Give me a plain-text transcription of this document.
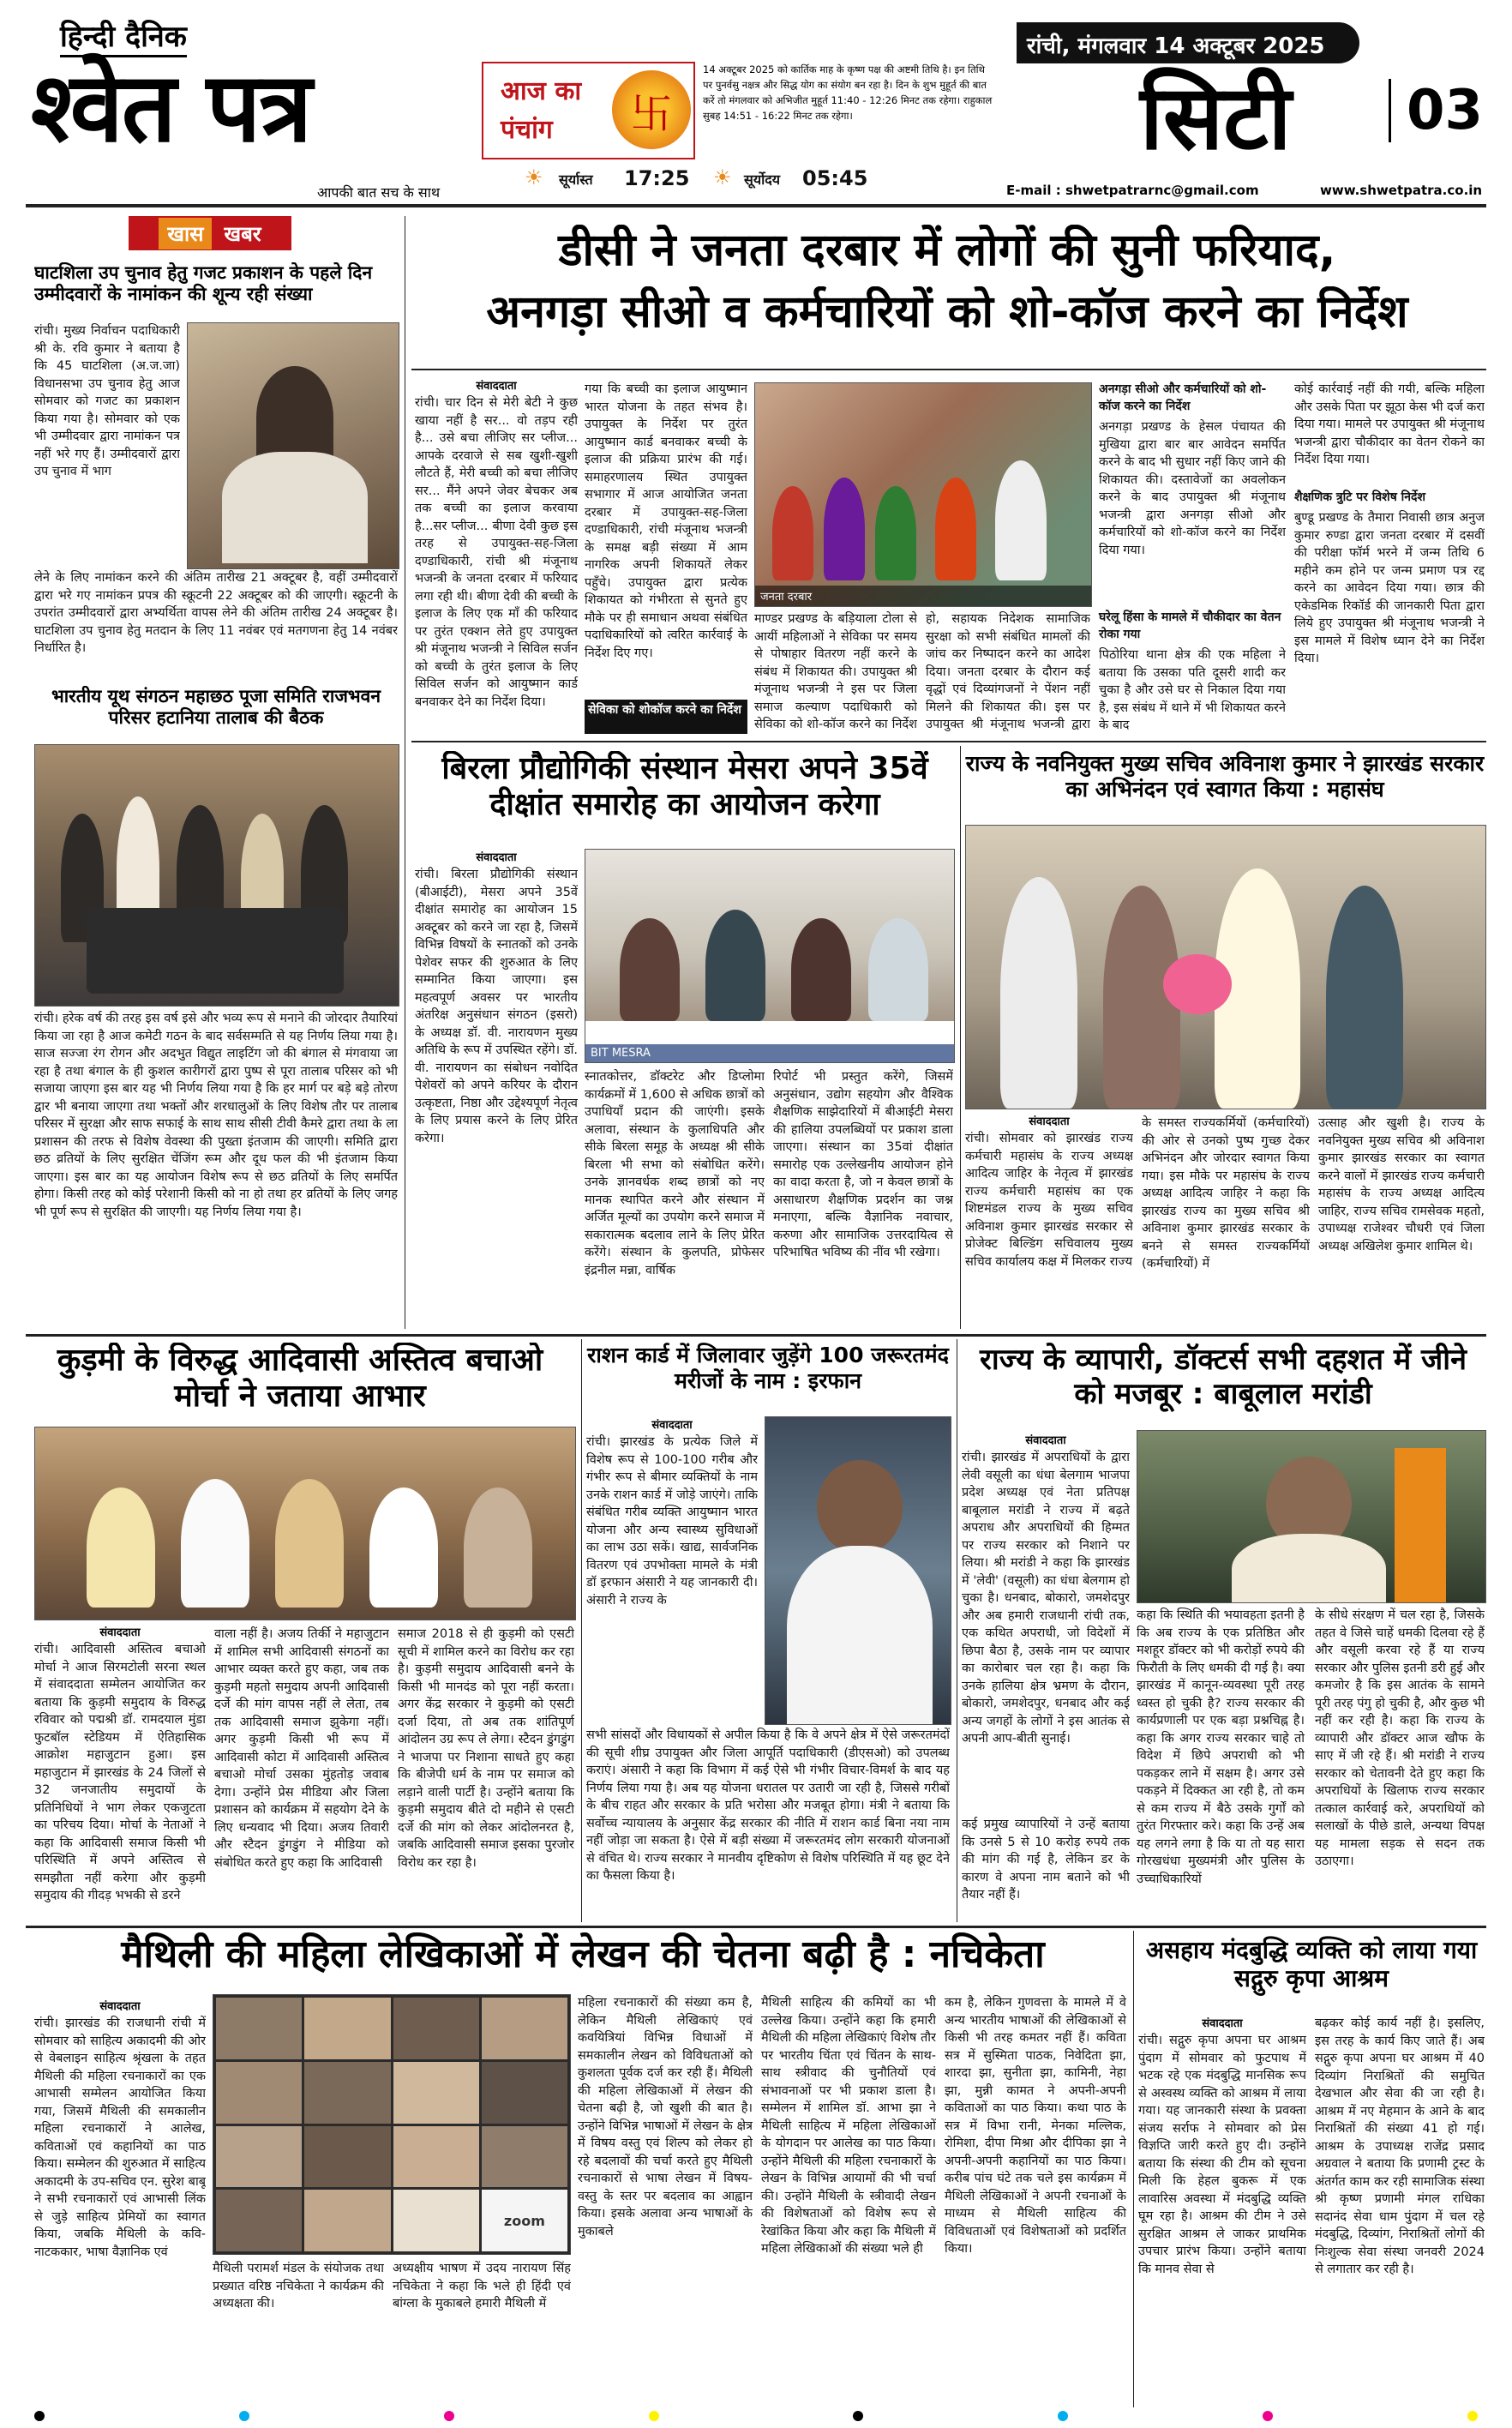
हिन्दी दैनिक
श्वेत पत्र
आपकी बात सच के साथ
आज का
पंचांग	卐
14 अक्टूबर 2025 को कार्तिक माह के कृष्ण पक्ष की अष्टमी तिथि है। इन तिथि पर पुनर्वसु नक्षत्र और सिद्ध योग का संयोग बन रहा है। दिन के शुभ मुहूर्त की बात करें तो मंगलवार को अभिजीत मुहूर्त 11:40 - 12:26 मिनट तक रहेगा। राहुकाल सुबह 14:51 - 16:22 मिनट तक रहेगा।
☀	सूर्यास्त 17:25 ☀ सूर्योदय 05:45
रांची, मंगलवार 14 अक्टूबर 2025
सिटी	03
E-mail : shwetpatrarnc@gmail.com	www.shwetpatra.co.in
खास	खबर
घाटशिला उप चुनाव हेतु गजट प्रकाशन के पहले दिन उम्मीदवारों के नामांकन की शून्य रही संख्या
रांची। मुख्य निर्वाचन पदाधिकारी श्री के. रवि कुमार ने बताया है कि 45 घाटशिला (अ.ज.जा) विधानसभा उप चुनाव हेतु आज सोमवार को गजट का प्रकाशन किया गया है। सोमवार को एक भी उम्मीदवार द्वारा नामांकन पत्र नहीं भरे गए हैं। उम्मीदवारों द्वारा उप चुनाव में भाग
लेने के लिए नामांकन करने की अंतिम तारीख 21 अक्टूबर है, वहीं उम्मीदवारों द्वारा भरे गए नामांकन प्रपत्र की स्क्रूटनी 22 अक्टूबर को की जाएगी। स्क्रूटनी के उपरांत उम्मीदवारों द्वारा अभ्यर्थिता वापस लेने की अंतिम तारीख 24 अक्टूबर है। घाटशिला उप चुनाव हेतु मतदान के लिए 11 नवंबर एवं मतगणना हेतु 14 नवंबर निर्धारित है।
भारतीय यूथ संगठन महाछठ पूजा समिति राजभवन परिसर हटानिया तालाब की बैठक
रांची। हरेक वर्ष की तरह इस वर्ष इसे और भव्य रूप से मनाने की जोरदार तैयारियां किया जा रहा है आज कमेटी गठन के बाद सर्वसम्मति से यह निर्णय लिया गया है। साज सज्जा रंग रोगन और अदभुत विद्युत लाइटिंग जो की बंगाल से मंगवाया जा रहा है तथा बंगाल के ही कुशल कारीगरों द्वारा पुष्प से पूरा तालाब परिसर को भी सजाया जाएगा इस बार यह भी निर्णय लिया गया है कि हर मार्ग पर बड़े बड़े तोरण द्वार भी बनाया जाएगा तथा भक्तों और शरधालुओं के लिए विशेष तौर पर तालाब परिसर में सुरक्षा और साफ सफाई के साथ साथ सीसी टीवी कैमरे द्वारा तथा के ला प्रशासन की तरफ से विशेष वेवस्था की पुख्ता इंतजाम की जाएगी। समिति द्वारा छठ व्रतियों के लिए सुरक्षित चेंजिंग रूम और दूध फल की भी इंतजाम किया जाएगा। इस बार का यह आयोजन विशेष रूप से छठ व्रतियों के लिए समर्पित होगा। किसी तरह को कोई परेशानी किसी को ना हो तथा हर व्रतियों के लिए जगह भी पूर्ण रूप से सुरक्षित की जाएगी। यह निर्णय लिया गया है।
डीसी ने जनता दरबार में लोगों की सुनी फरियाद,
अनगड़ा सीओ व कर्मचारियों को शो-कॉज करने का निर्देश
संवाददाता
रांची। चार दिन से मेरी बेटी ने कुछ खाया नहीं है सर... वो तड़प रही है... उसे बचा लीजिए सर प्लीज... आपके दरवाजे से सब खुशी-खुशी लौटते हैं, मेरी बच्ची को बचा लीजिए सर... मैंने अपने जेवर बेचकर अब तक बच्ची का इलाज करवाया है...सर प्लीज... बीणा देवी कुछ इस तरह से उपायुक्त-सह-जिला दण्डाधिकारी, रांची श्री मंजूनाथ भजन्त्री के जनता दरबार में फरियाद लगा रही थी। बीणा देवी की बच्ची के इलाज के लिए एक माँ की फरियाद पर तुरंत एक्शन लेते हुए उपायुक्त श्री मंजूनाथ भजन्त्री ने सिविल सर्जन को बच्ची के तुरंत इलाज के लिए सिविल सर्जन को आयुष्मान कार्ड बनवाकर देने का निर्देश दिया।
गया कि बच्ची का इलाज आयुष्मान भारत योजना के तहत संभव है। उपायुक्त के निर्देश पर तुरंत आयुष्मान कार्ड बनवाकर बच्ची के इलाज की प्रक्रिया प्रारंभ की गई। समाहरणालय स्थित उपायुक्त सभागार में आज आयोजित जनता दरबार में उपायुक्त-सह-जिला दण्डाधिकारी, रांची मंजूनाथ भजन्त्री के समक्ष बड़ी संख्या में आम नागरिक अपनी शिकायतें लेकर पहुँचे। उपायुक्त द्वारा प्रत्येक शिकायत को गंभीरता से सुनते हुए मौके पर ही समाधान अथवा संबंधित पदाधिकारियों को त्वरित कार्रवाई के निर्देश दिए गए।
सेविका को शोकॉज करने का निर्देश
जनता दरबार
माण्डर प्रखण्ड के बड़ियाला टोला से आयीं महिलाओं ने सेविका पर समय से पोषाहार वितरण नहीं करने के संबंध में शिकायत की। उपायुक्त श्री मंजूनाथ भजन्त्री ने इस पर जिला समाज कल्याण पदाधिकारी को सेविका को शो-कॉज करने का निर्देश
हो, सहायक निदेशक सामाजिक सुरक्षा को सभी संबंधित मामलों की जांच कर निष्पादन करने का आदेश दिया। जनता दरबार के दौरान कई वृद्धों एवं दिव्यांगजनों ने पेंशन नहीं मिलने की शिकायत की। इस पर उपायुक्त श्री मंजूनाथ भजन्त्री द्वारा
अनगड़ा सीओ और कर्मचारियों को शो-कॉज करने का निर्देश
अनगड़ा प्रखण्ड के हेसल पंचायत की मुखिया द्वारा बार बार आवेदन समर्पित करने के बाद भी सुधार नहीं किए जाने की शिकायत की। दस्तावेजों का अवलोकन करने के बाद उपायुक्त श्री मंजूनाथ भजन्त्री द्वारा अनगड़ा सीओ और कर्मचारियों को शो-कॉज करने का निर्देश दिया गया।
घरेलू हिंसा के मामले में चौकीदार का वेतन रोका गया
पिठोरिया थाना क्षेत्र की एक महिला ने बताया कि उसका पति दूसरी शादी कर चुका है और उसे घर से निकाल दिया गया है, इस संबंध में थाने में भी शिकायत करने के बाद
कोई कार्रवाई नहीं की गयी, बल्कि महिला और उसके पिता पर झूठा केस भी दर्ज करा दिया गया। मामले पर उपायुक्त श्री मंजूनाथ भजन्त्री द्वारा चौकीदार का वेतन रोकने का निर्देश दिया गया।
शैक्षणिक त्रुटि पर विशेष निर्देश
बुण्डू प्रखण्ड के तैमारा निवासी छात्र अनुज कुमार रुण्डा द्वारा जनता दरबार में दसवीं की परीक्षा फॉर्म भरने में जन्म तिथि 6 महीने कम होने पर जन्म प्रमाण पत्र रद्द करने का आवेदन दिया गया। छात्र की एकेडमिक रिकॉर्ड की जानकारी पिता द्वारा लिये हुए उपायुक्त श्री मंजूनाथ भजन्त्री ने इस मामले में विशेष ध्यान देने का निर्देश दिया।
बिरला प्रौद्योगिकी संस्थान मेसरा अपने 35वें दीक्षांत समारोह का आयोजन करेगा
संवाददाता
रांची। बिरला प्रौद्योगिकी संस्थान (बीआईटी), मेसरा अपने 35वें दीक्षांत समारोह का आयोजन 15 अक्टूबर को करने जा रहा है, जिसमें विभिन्न विषयों के स्नातकों को उनके पेशेवर सफर की शुरुआत के लिए सम्मानित किया जाएगा। इस महत्वपूर्ण अवसर पर भारतीय अंतरिक्ष अनुसंधान संगठन (इसरो) के अध्यक्ष डॉ. वी. नारायणन मुख्य अतिथि के रूप में उपस्थित रहेंगे। डॉ. वी. नारायणन का संबोधन नवोदित पेशेवरों को अपने करियर के दौरान उत्कृष्टता, निष्ठा और उद्देश्यपूर्ण नेतृत्व के लिए प्रयास करने के लिए प्रेरित करेगा।
BIT MESRA
स्नातकोत्तर, डॉक्टरेट और डिप्लोमा कार्यक्रमों में 1,600 से अधिक छात्रों को उपाधियाँ प्रदान की जाएंगी। इसके अलावा, संस्थान के कुलाधिपति और सीके बिरला समूह के अध्यक्ष श्री सीके बिरला भी सभा को संबोधित करेंगे। उनके ज्ञानवर्धक शब्द छात्रों को नए मानक स्थापित करने और संस्थान में अर्जित मूल्यों का उपयोग करने समाज में सकारात्मक बदलाव लाने के लिए प्रेरित करेंगे। संस्थान के कुलपति, प्रोफेसर इंद्रनील मन्ना, वार्षिक
रिपोर्ट भी प्रस्तुत करेंगे, जिसमें अनुसंधान, उद्योग सहयोग और वैश्विक शैक्षणिक साझेदारियों में बीआईटी मेसरा की हालिया उपलब्धियों पर प्रकाश डाला जाएगा। संस्थान का 35वां दीक्षांत समारोह एक उल्लेखनीय आयोजन होने का वादा करता है, जो न केवल छात्रों के असाधारण शैक्षणिक प्रदर्शन का जश्न मनाएगा, बल्कि वैज्ञानिक नवाचार, करुणा और सामाजिक उत्तरदायित्व से परिभाषित भविष्य की नींव भी रखेगा।
राज्य के नवनियुक्त मुख्य सचिव अविनाश कुमार ने झारखंड सरकार का अभिनंदन एवं स्वागत किया : महासंघ
संवाददाता
रांची। सोमवार को झारखंड राज्य कर्मचारी महासंघ के राज्य अध्यक्ष आदित्य जाहिर के नेतृत्व में झारखंड राज्य कर्मचारी महासंघ का एक शिष्टमंडल राज्य के मुख्य सचिव अविनाश कुमार झारखंड सरकार से प्रोजेक्ट बिल्डिंग सचिवालय मुख्य सचिव कार्यालय कक्ष में मिलकर राज्य
के समस्त राज्यकर्मियों (कर्मचारियों) की ओर से उनको पुष्प गुच्छ देकर अभिनंदन और जोरदार स्वागत किया गया। इस मौके पर महासंघ के राज्य अध्यक्ष आदित्य जाहिर ने कहा कि झारखंड राज्य का मुख्य सचिव श्री अविनाश कुमार झारखंड सरकार के बनने से समस्त राज्यकर्मियों (कर्मचारियों) में
उत्साह और खुशी है। राज्य के नवनियुक्त मुख्य सचिव श्री अविनाश कुमार झारखंड सरकार का स्वागत करने वालों में झारखंड राज्य कर्मचारी महासंघ के राज्य अध्यक्ष आदित्य जाहिर, राज्य सचिव रामसेवक महतो, उपाध्यक्ष राजेश्वर चौधरी एवं जिला अध्यक्ष अखिलेश कुमार शामिल थे।
कुड़मी के विरुद्ध आदिवासी अस्तित्व बचाओ मोर्चा ने जताया आभार
संवाददाता
रांची। आदिवासी अस्तित्व बचाओ मोर्चा ने आज सिरमटोली सरना स्थल में संवाददाता सम्मेलन आयोजित कर बताया कि कुड़मी समुदाय के विरुद्ध रविवार को पद्मश्री डॉ. रामदयाल मुंडा फुटबॉल स्टेडियम में ऐतिहासिक आक्रोश महाजुटान हुआ। इस महाजुटान में झारखंड के 24 जिलों से 32 जनजातीय समुदायों के प्रतिनिधियों ने भाग लेकर एकजुटता का परिचय दिया। मोर्चा के नेताओं ने कहा कि आदिवासी समाज किसी भी परिस्थिति में अपने अस्तित्व से समझौता नहीं करेगा और कुड़मी समुदाय की गीदड़ भभकी से डरने
वाला नहीं है। अजय तिर्की ने महाजुटान में शामिल सभी आदिवासी संगठनों का आभार व्यक्त करते हुए कहा, जब तक कुड़मी महतो समुदाय अपनी आदिवासी दर्जे की मांग वापस नहीं ले लेता, तब तक आदिवासी समाज झुकेगा नहीं। अगर कुड़मी किसी भी रूप में आदिवासी कोटा में आदिवासी अस्तित्व बचाओ मोर्चा उसका मुंहतोड़ जवाब देगा। उन्होंने प्रेस मीडिया और जिला प्रशासन को कार्यक्रम में सहयोग देने के लिए धन्यवाद भी दिया। अजय तिवारी और स्टैदन डुंगडुंग ने मीडिया को संबोधित करते हुए कहा कि आदिवासी
समाज 2018 से ही कुड़मी को एसटी सूची में शामिल करने का विरोध कर रहा है। कुड़मी समुदाय आदिवासी बनने के किसी भी मानदंड को पूरा नहीं करता। अगर केंद्र सरकार ने कुड़मी को एसटी दर्जा दिया, तो अब तक शांतिपूर्ण आंदोलन उग्र रूप ले लेगा। स्टैदन डुंगडुंग ने भाजपा पर निशाना साधते हुए कहा कि बीजेपी धर्म के नाम पर समाज को लड़ाने वाली पार्टी है। उन्होंने बताया कि कुड़मी समुदाय बीते दो महीने से एसटी दर्जे की मांग को लेकर आंदोलनरत है, जबकि आदिवासी समाज इसका पुरजोर विरोध कर रहा है।
राशन कार्ड में जिलावार जुड़ेंगे 100 जरूरतमंद मरीजों के नाम : इरफान
संवाददाता
रांची। झारखंड के प्रत्येक जिले में विशेष रूप से 100-100 गरीब और गंभीर रूप से बीमार व्यक्तियों के नाम उनके राशन कार्ड में जोड़े जाएंगे। ताकि संबंधित गरीब व्यक्ति आयुष्मान भारत योजना और अन्य स्वास्थ्य सुविधाओं का लाभ उठा सकें। खाद्य, सार्वजनिक वितरण एवं उपभोक्ता मामले के मंत्री डॉ इरफान अंसारी ने यह जानकारी दी। अंसारी ने राज्य के
सभी सांसदों और विधायकों से अपील किया है कि वे अपने क्षेत्र में ऐसे जरूरतमंदों की सूची शीघ्र उपायुक्त और जिला आपूर्ति पदाधिकारी (डीएसओ) को उपलब्ध कराएं। अंसारी ने कहा कि विभाग में कई ऐसे भी गंभीर विचार-विमर्श के बाद यह निर्णय लिया गया है। अब यह योजना धरातल पर उतारी जा रही है, जिससे गरीबों के बीच राहत और सरकार के प्रति भरोसा और मजबूत होगा। मंत्री ने बताया कि सर्वोच्च न्यायालय के अनुसार केंद्र सरकार की नीति में राशन कार्ड बिना नया नाम नहीं जोड़ा जा सकता है। ऐसे में बड़ी संख्या में जरूरतमंद लोग सरकारी योजनाओं से वंचित थे। राज्य सरकार ने मानवीय दृष्टिकोण से विशेष परिस्थिति में यह छूट देने का फैसला किया है।
राज्य के व्यापारी, डॉक्टर्स सभी दहशत में जीने को मजबूर : बाबूलाल मरांडी
संवाददाता
रांची। झारखंड में अपराधियों के द्वारा लेवी वसूली का धंधा बेलगाम भाजपा प्रदेश अध्यक्ष एवं नेता प्रतिपक्ष बाबूलाल मरांडी ने राज्य में बढ़ते अपराध और अपराधियों की हिम्मत पर राज्य सरकार को निशाने पर लिया। श्री मरांडी ने कहा कि झारखंड में 'लेवी' (वसूली) का धंधा बेलगाम हो चुका है। धनबाद, बोकारो, जमशेदपुर और अब हमारी राजधानी रांची तक, एक कथित अपराधी, जो विदेशों में छिपा बैठा है, उसके नाम पर व्यापार का कारोबार चल रहा है। कहा कि उनके हालिया क्षेत्र भ्रमण के दौरान, बोकारो, जमशेदपुर, धनबाद और कई अन्य जगहों के लोगों ने इस आतंक से अपनी आप-बीती सुनाई।
कई प्रमुख व्यापारियों ने उन्हें बताया कि उनसे 5 से 10 करोड़ रुपये तक की मांग की गई है, लेकिन डर के कारण वे अपना नाम बताने को भी तैयार नहीं हैं।
कहा कि स्थिति की भयावहता इतनी है कि अब राज्य के एक प्रतिष्ठित और मशहूर डॉक्टर को भी करोड़ों रुपये की फिरौती के लिए धमकी दी गई है। क्या झारखंड में कानून-व्यवस्था पूरी तरह ध्वस्त हो चुकी है? राज्य सरकार की कार्यप्रणाली पर एक बड़ा प्रश्नचिह्न है। कहा कि अगर राज्य सरकार चाहे तो विदेश में छिपे अपराधी को भी पकड़कर लाने में सक्षम है। अगर उसे पकड़ने में दिक्कत आ रही है, तो कम से कम राज्य में बैठे उसके गुर्गों को तुरंत गिरफ्तार करे। कहा कि उन्हें अब यह लगने लगा है कि या तो यह सारा गोरखधंधा मुख्यमंत्री और पुलिस के उच्चाधिकारियों
के सीधे संरक्षण में चल रहा है, जिसके तहत वे जिसे चाहें धमकी दिलवा रहे हैं और वसूली करवा रहे हैं या राज्य सरकार और पुलिस इतनी डरी हुई और कमजोर है कि इस आतंक के सामने पूरी तरह पंगु हो चुकी है, और कुछ भी नहीं कर रही है। कहा कि राज्य के व्यापारी और डॉक्टर आज खौफ के साए में जी रहे हैं। श्री मरांडी ने राज्य सरकार को चेतावनी देते हुए कहा कि अपराधियों के खिलाफ राज्य सरकार तत्काल कार्रवाई करे, अपराधियों को सलाखों के पीछे डाले, अन्यथा विपक्ष यह मामला सड़क से सदन तक उठाएगा।
मैथिली की महिला लेखिकाओं में लेखन की चेतना बढ़ी है : नचिकेता
संवाददाता
रांची। झारखंड की राजधानी रांची में सोमवार को साहित्य अकादमी की ओर से वेबलाइन साहित्य श्रृंखला के तहत मैथिली की महिला रचनाकारों का एक आभासी सम्मेलन आयोजित किया गया, जिसमें मैथिली की समकालीन महिला रचनाकारों ने आलेख, कविताओं एवं कहानियों का पाठ किया। सम्मेलन की शुरुआत में साहित्य अकादमी के उप-सचिव एन. सुरेश बाबू ने सभी रचनाकारों एवं आभासी लिंक से जुड़े साहित्य प्रेमियों का स्वागत किया, जबकि मैथिली के कवि-नाटककार, भाषा वैज्ञानिक एवं
zoom
मैथिली परामर्श मंडल के संयोजक तथा प्रख्यात वरिष्ठ नचिकेता ने कार्यक्रम की अध्यक्षता की।
अध्यक्षीय भाषण में उदय नारायण सिंह नचिकेता ने कहा कि भले ही हिंदी एवं बांग्ला के मुकाबले हमारी मैथिली में
महिला रचनाकारों की संख्या कम है, लेकिन मैथिली लेखिकाएं एवं कवयित्रियां विभिन्न विधाओं में समकालीन लेखन को विविधताओं को कुशलता पूर्वक दर्ज कर रही हैं। मैथिली की महिला लेखिकाओं में लेखन की चेतना बढ़ी है, जो खुशी की बात है। उन्होंने विभिन्न भाषाओं में लेखन के क्षेत्र में विषय वस्तु एवं शिल्प को लेकर हो रहे बदलावों की चर्चा करते हुए मैथिली रचनाकारों से भाषा लेखन में विषय-वस्तु के स्तर पर बदलाव का आह्वान किया। इसके अलावा अन्य भाषाओं के मुकाबले
मैथिली साहित्य की कमियों का भी उल्लेख किया। उन्होंने कहा कि हमारी मैथिली की महिला लेखिकाएं विशेष तौर पर भारतीय चिंता एवं चिंतन के साथ-साथ स्त्रीवाद की चुनौतियों एवं संभावनाओं पर भी प्रकाश डाला है। सम्मेलन में शामिल डॉ. आभा झा ने मैथिली साहित्य में महिला लेखिकाओं के योगदान पर आलेख का पाठ किया। उन्होंने मैथिली की महिला रचनाकारों के लेखन के विभिन्न आयामों की भी चर्चा की। उन्होंने मैथिली के स्त्रीवादी लेखन की विशेषताओं को विशेष रूप से रेखांकित किया और कहा कि मैथिली में महिला लेखिकाओं की संख्या भले ही
कम है, लेकिन गुणवत्ता के मामले में वे अन्य भारतीय भाषाओं की लेखिकाओं से किसी भी तरह कमतर नहीं हैं। कविता सत्र में सुस्मिता पाठक, निवेदिता झा, शारदा झा, सुनीता झा, कामिनी, नेहा झा, मुन्नी कामत ने अपनी-अपनी कविताओं का पाठ किया। कथा पाठ के सत्र में विभा रानी, मेनका मल्लिक, रोमिशा, दीपा मिश्रा और दीपिका झा ने अपनी-अपनी कहानियों का पाठ किया। करीब पांच घंटे तक चले इस कार्यक्रम में मैथिली लेखिकाओं ने अपनी रचनाओं के माध्यम से मैथिली साहित्य की विविधताओं एवं विशेषताओं को प्रदर्शित किया।
असहाय मंदबुद्धि व्यक्ति को लाया गया सद्गुरु कृपा आश्रम
संवाददाता
रांची। सद्गुरु कृपा अपना घर आश्रम पुंदाग में सोमवार को फुटपाथ में भटक रहे एक मंदबुद्धि मानसिक रूप से अस्वस्थ व्यक्ति को आश्रम में लाया गया। यह जानकारी संस्था के प्रवक्ता संजय सर्राफ ने सोमवार को प्रेस विज्ञप्ति जारी करते हुए दी। उन्होंने बताया कि संस्था की टीम को सूचना मिली कि हेहल बुकरू में एक लावारिस अवस्था में मंदबुद्धि व्यक्ति घूम रहा है। आश्रम की टीम ने उसे सुरक्षित आश्रम ले जाकर प्राथमिक उपचार प्रारंभ किया। उन्होंने बताया कि मानव सेवा से
बढ़कर कोई कार्य नहीं है। इसलिए, इस तरह के कार्य किए जाते हैं। अब सद्गुरु कृपा अपना घर आश्रम में 40 दिव्यांग निराश्रितों की समुचित देखभाल और सेवा की जा रही है। आश्रम में नए मेहमान के आने के बाद निराश्रितों की संख्या 41 हो गई। आश्रम के उपाध्यक्ष राजेंद्र प्रसाद अग्रवाल ने बताया कि प्रणामी ट्रस्ट के अंतर्गत काम कर रही सामाजिक संस्था श्री कृष्ण प्रणामी मंगल राधिका सदानंद सेवा धाम पुंदाग में चल रहे मंदबुद्धि, दिव्यांग, निराश्रितों लोगों की निःशुल्क सेवा संस्था जनवरी 2024 से लगातार कर रही है।
